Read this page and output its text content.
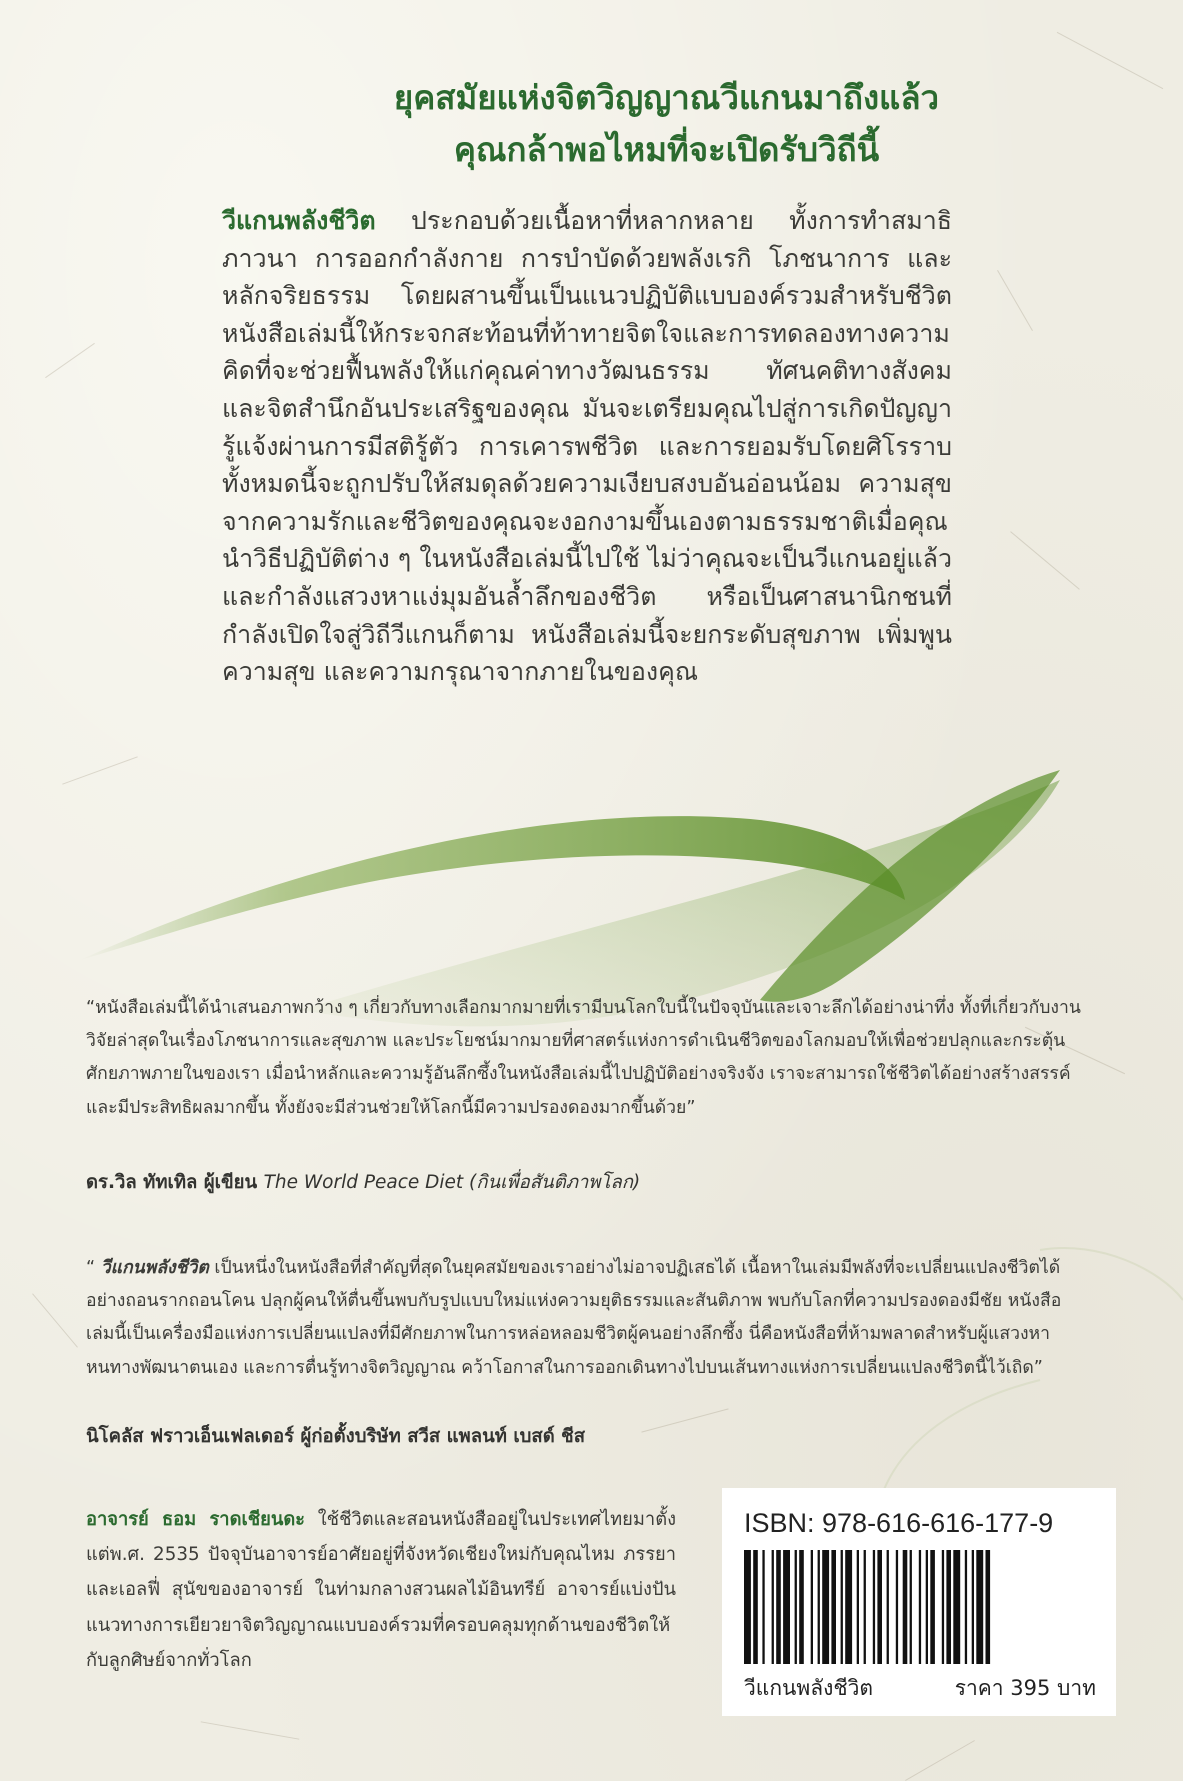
ยุคสมัยแห่งจิตวิญญาณวีแกนมาถึงแล้ว
คุณกล้าพอไหมที่จะเปิดรับวิถีนี้
วีแกนพลังชีวิต ประกอบด้วยเนื้อหาที่หลากหลาย ทั้งการทำสมาธิภาวนา การออกกำลังกาย การบำบัดด้วยพลังเรกิ โภชนาการ และหลักจริยธรรม โดยผสานขึ้นเป็นแนวปฏิบัติแบบองค์รวมสำหรับชีวิต หนังสือเล่มนี้ให้กระจกสะท้อนที่ท้าทายจิตใจและการทดลองทางความคิดที่จะช่วยฟื้นพลังให้แก่คุณค่าทางวัฒนธรรม ทัศนคติทางสังคม และจิตสำนึกอันประเสริฐของคุณ มันจะเตรียมคุณไปสู่การเกิดปัญญารู้แจ้งผ่านการมีสติรู้ตัว การเคารพชีวิต และการยอมรับโดยศิโรราบ ทั้งหมดนี้จะถูกปรับให้สมดุลด้วยความเงียบสงบอันอ่อนน้อม ความสุขจากความรักและชีวิตของคุณจะงอกงามขึ้นเองตามธรรมชาติเมื่อคุณนำวิธีปฏิบัติต่าง ๆ ในหนังสือเล่มนี้ไปใช้ ไม่ว่าคุณจะเป็นวีแกนอยู่แล้วและกำลังแสวงหาแง่มุมอันล้ำลึกของชีวิต หรือเป็นศาสนานิกชนที่กำลังเปิดใจสู่วิถีวีแกนก็ตาม หนังสือเล่มนี้จะยกระดับสุขภาพ เพิ่มพูนความสุข และความกรุณาจากภายในของคุณ
“หนังสือเล่มนี้ได้นำเสนอภาพกว้าง ๆ เกี่ยวกับทางเลือกมากมายที่เรามีบนโลกใบนี้ในปัจจุบันและเจาะลึกได้อย่างน่าทึ่ง ทั้งที่เกี่ยวกับงานวิจัยล่าสุดในเรื่องโภชนาการและสุขภาพ และประโยชน์มากมายที่ศาสตร์แห่งการดำเนินชีวิตของโลกมอบให้เพื่อช่วยปลุกและกระตุ้นศักยภาพภายในของเรา เมื่อนำหลักและความรู้อันลึกซึ้งในหนังสือเล่มนี้ไปปฏิบัติอย่างจริงจัง เราจะสามารถใช้ชีวิตได้อย่างสร้างสรรค์และมีประสิทธิผลมากขึ้น ทั้งยังจะมีส่วนช่วยให้โลกนี้มีความปรองดองมากขึ้นด้วย”
ดร.วิล ทัทเทิล ผู้เขียน The World Peace Diet (กินเพื่อสันติภาพโลก)
“ วีแกนพลังชีวิต เป็นหนึ่งในหนังสือที่สำคัญที่สุดในยุคสมัยของเราอย่างไม่อาจปฏิเสธได้ เนื้อหาในเล่มมีพลังที่จะเปลี่ยนแปลงชีวิตได้อย่างถอนรากถอนโคน ปลุกผู้คนให้ตื่นขึ้นพบกับรูปแบบใหม่แห่งความยุติธรรมและสันติภาพ พบกับโลกที่ความปรองดองมีชัย หนังสือเล่มนี้เป็นเครื่องมือแห่งการเปลี่ยนแปลงที่มีศักยภาพในการหล่อหลอมชีวิตผู้คนอย่างลึกซึ้ง นี่คือหนังสือที่ห้ามพลาดสำหรับผู้แสวงหาหนทางพัฒนาตนเอง และการตื่นรู้ทางจิตวิญญาณ คว้าโอกาสในการออกเดินทางไปบนเส้นทางแห่งการเปลี่ยนแปลงชีวิตนี้ไว้เถิด”
นิโคลัส ฟราวเอ็นเฟลเดอร์ ผู้ก่อตั้งบริษัท สวีส แพลนท์ เบสด์ ชีส
อาจารย์ ธอม ราดเชียนดะ ใช้ชีวิตและสอนหนังสืออยู่ในประเทศไทยมาตั้งแต่พ.ศ. 2535 ปัจจุบันอาจารย์อาศัยอยู่ที่จังหวัดเชียงใหม่กับคุณไหม ภรรยา และเอลฟี่ สุนัขของอาจารย์ ในท่ามกลางสวนผลไม้อินทรีย์ อาจารย์แบ่งปันแนวทางการเยียวยาจิตวิญญาณแบบองค์รวมที่ครอบคลุมทุกด้านของชีวิตให้กับลูกศิษย์จากทั่วโลก
ISBN: 978-616-616-177-9
วีแกนพลังชีวิต	ราคา 395 บาท
